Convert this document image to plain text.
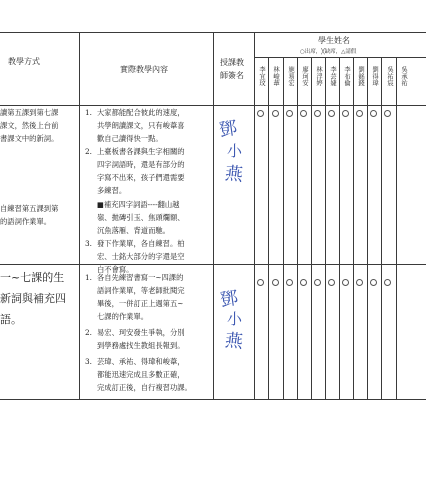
教學方式
實際教學內容
授課教
師簽名
學生姓名
○出席，╳缺席，△請假
李宜玟 林峻葦 施易宏 廖珂安 林浮婷 李芸婕 李布倫 劉銘錢 劉得瑋 吳祐宸 吳承祐
讀第五課到第七課
課文，然後上台前
書課文中的新詞。
自練習第五課到第
的語詞作業單。
1. 大家都能配合彼此的速度，
共學朗讀課文，只有峻葦喜
歡自己讀得快一點。
2. 上臺板書各課與生字相關的
四字詞語時，還是有部分的
字寫不出來，孩子們還需要
多練習。
■補充四字詞語----翻山越
嶺、拋磚引玉、焦頭爛額、
沉魚落雁、背道而馳。
3. 發下作業單，各自練習。柏
宏、士銘大部分的字還是空
白不會寫。
鄧
小
燕
一~七課的生
新詞與補充四
語。
1. 各自先練習書寫一~四課的
語詞作業單，等老師批閱完
畢後，一併訂正上週第五~
七課的作業單。
2. 易宏、珂安發生爭執，分別
到學務處找生教組長報到。
3. 芸瑋、承祐、得瑋和峻葦，
都能迅速完成且多數正確，
完成訂正後，自行複習功課。
鄧
小
燕
